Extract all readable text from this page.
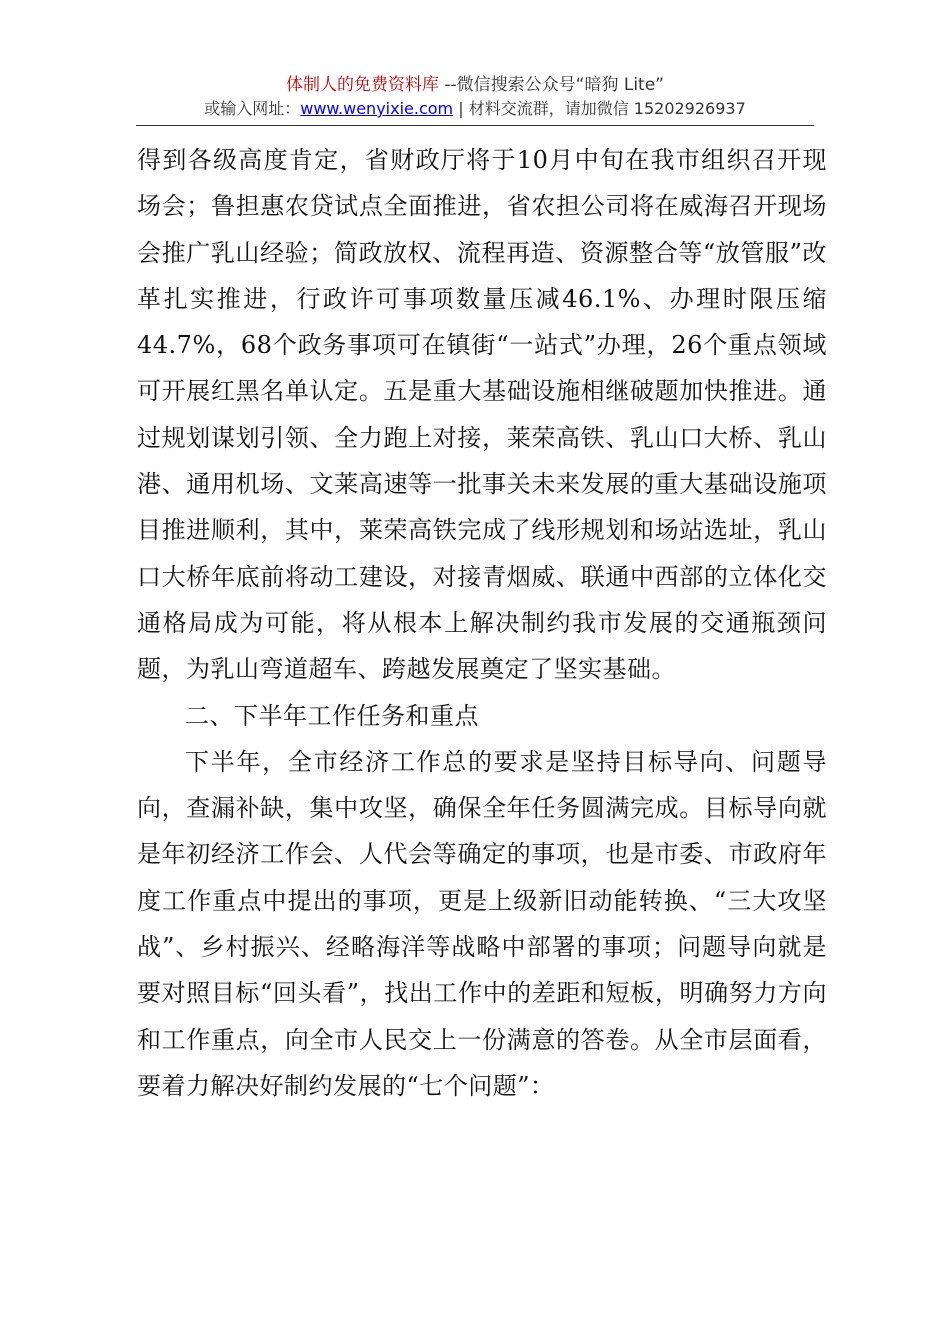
体制人的免费资料库 --微信搜索公众号“暗狗 Lite”
或输入网址：www.wenyixie.com | 材料交流群，请加微信 15202926937

得到各级高度肯定，省财政厅将于10月中旬在我市组织召开现场会；鲁担惠农贷试点全面推进，省农担公司将在威海召开现场会推广乳山经验；简政放权、流程再造、资源整合等“放管服”改革扎实推进，行政许可事项数量压减46.1%、办理时限压缩44.7%，68个政务事项可在镇街“一站式”办理，26个重点领域可开展红黑名单认定。五是重大基础设施相继破题加快推进。通过规划谋划引领、全力跑上对接，莱荣高铁、乳山口大桥、乳山港、通用机场、文莱高速等一批事关未来发展的重大基础设施项目推进顺利，其中，莱荣高铁完成了线形规划和场站选址，乳山口大桥年底前将动工建设，对接青烟威、联通中西部的立体化交通格局成为可能，将从根本上解决制约我市发展的交通瓶颈问题，为乳山弯道超车、跨越发展奠定了坚实基础。

二、下半年工作任务和重点

下半年，全市经济工作总的要求是坚持目标导向、问题导向，查漏补缺，集中攻坚，确保全年任务圆满完成。目标导向就是年初经济工作会、人代会等确定的事项，也是市委、市政府年度工作重点中提出的事项，更是上级新旧动能转换、“三大攻坚战”、乡村振兴、经略海洋等战略中部署的事项；问题导向就是要对照目标“回头看”，找出工作中的差距和短板，明确努力方向和工作重点，向全市人民交上一份满意的答卷。从全市层面看，要着力解决好制约发展的“七个问题”：
